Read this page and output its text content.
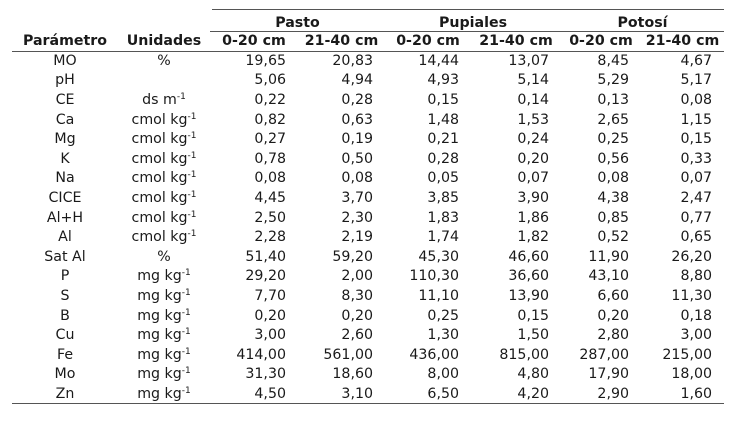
		Pasto		Pupiales		Potosí	
Parámetro	Unidades	0-20 cm	21-40 cm	0-20 cm	21-40 cm	0-20 cm	21-40 cm
MO	%	19,65	20,83	14,44	13,07	8,45	4,67
pH		5,06	4,94	4,93	5,14	5,29	5,17
CE	ds $m^{-1}$	0,22	0,28	0,15	0,14	0,13	0,08
Ca	cmol $kg^{-1}$	0,82	0,63	1,48	1,53	2,65	1,15
Mg	cmol $kg^{-1}$	0,27	0,19	0,21	0,24	0,25	0,15
K	cmol $kg^{-1}$	0,78	0,50	0,28	0,20	0,56	0,33
Na	cmol $kg^{-1}$	0,08	0,08	0,05	0,07	0,08	0,07
CICE	cmol $kg^{-1}$	4,45	3,70	3,85	3,90	4,38	2,47
Al+H	cmol $kg^{-1}$	2,50	2,30	1,83	1,86	0,85	0,77
Al	cmol $kg^{-1}$	2,28	2,19	1,74	1,82	0,52	0,65
Sat Al	%	51,40	59,20	45,30	46,60	11,90	26,20
P	mg $kg^{-1}$	29,20	2,00	110,30	36,60	43,10	8,80
S	mg $kg^{-1}$	7,70	8,30	11,10	13,90	6,60	11,30
B	mg $kg^{-1}$	0,20	0,20	0,25	0,15	0,20	0,18
Cu	mg $kg^{-1}$	3,00	2,60	1,30	1,50	2,80	3,00
Fe	mg $kg^{-1}$	414,00	561,00	436,00	815,00	287,00	215,00
Mo	mg $kg^{-1}$	31,30	18,60	8,00	4,80	17,90	18,00
Zn	mg $kg^{-1}$	4,50	3,10	6,50	4,20	2,90	1,60
